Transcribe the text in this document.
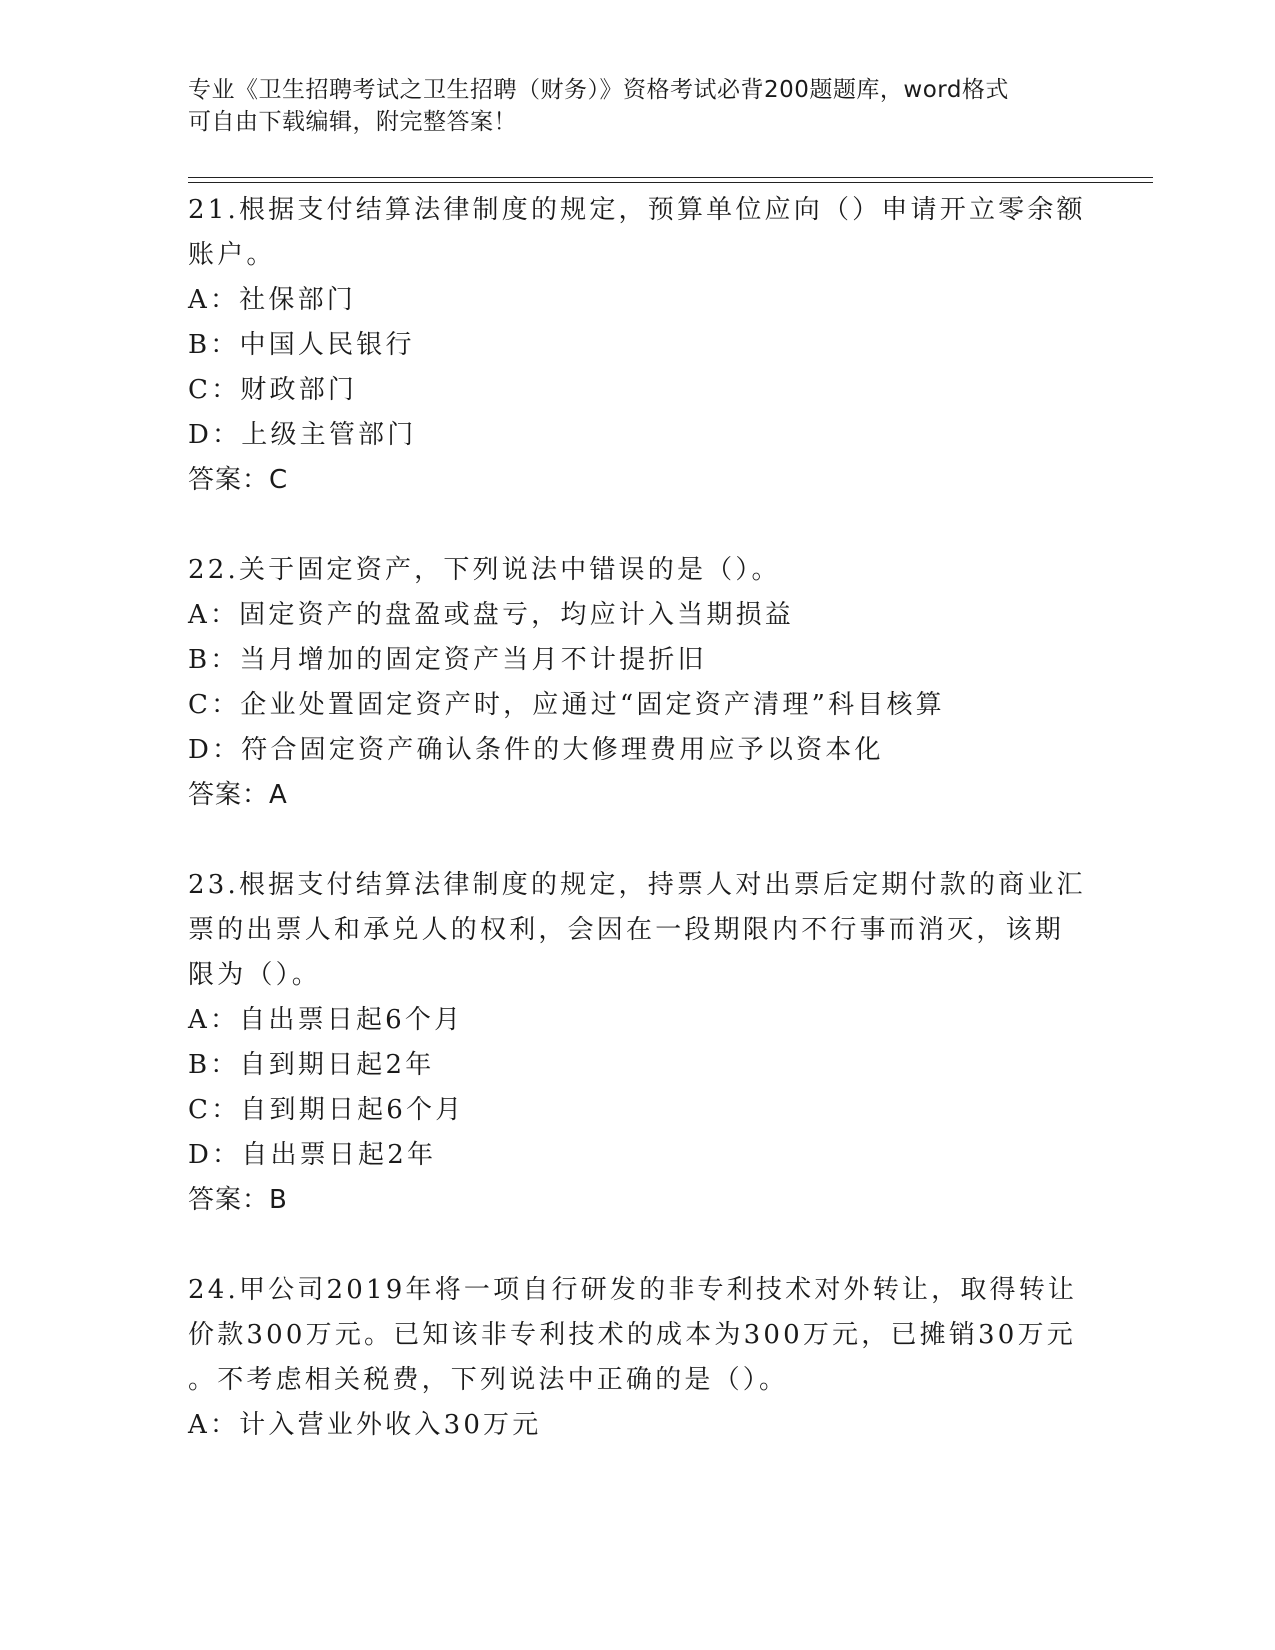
专业《卫生招聘考试之卫生招聘（财务）》资格考试必背200题题库，word格式

可自由下载编辑，附完整答案！

21.根据支付结算法律制度的规定，预算单位应向（）申请开立零余额

账户。

A：社保部门

B：中国人民银行

C：财政部门

D：上级主管部门

答案：C

22.关于固定资产，下列说法中错误的是（）。

A：固定资产的盘盈或盘亏，均应计入当期损益

B：当月增加的固定资产当月不计提折旧

C：企业处置固定资产时，应通过“固定资产清理”科目核算

D：符合固定资产确认条件的大修理费用应予以资本化

答案：A

23.根据支付结算法律制度的规定，持票人对出票后定期付款的商业汇

票的出票人和承兑人的权利，会因在一段期限内不行事而消灭，该期

限为（）。

A：自出票日起6个月

B：自到期日起2年

C：自到期日起6个月

D：自出票日起2年

答案：B

24.甲公司2019年将一项自行研发的非专利技术对外转让，取得转让

价款300万元。已知该非专利技术的成本为300万元，已摊销30万元

。不考虑相关税费，下列说法中正确的是（）。

A：计入营业外收入30万元
